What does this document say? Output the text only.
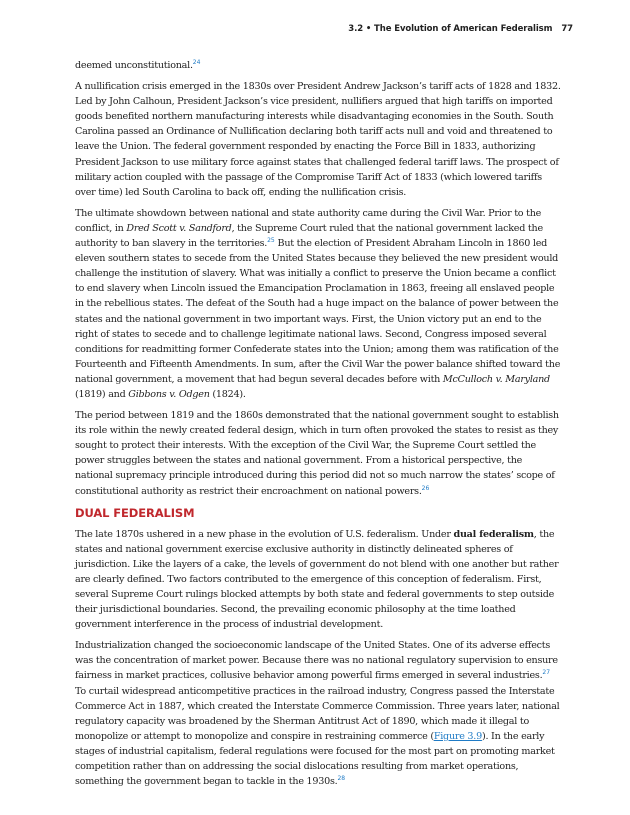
3.2 • The Evolution of American Federalism 77

deemed unconstitutional.$^{24}$

A nullification crisis emerged in the 1830s over President Andrew Jackson’s tariff acts of 1828 and 1832. Led by John Calhoun, President Jackson’s vice president, nullifiers argued that high tariffs on imported goods benefited northern manufacturing interests while disadvantaging economies in the South. South Carolina passed an Ordinance of Nullification declaring both tariff acts null and void and threatened to leave the Union. The federal government responded by enacting the Force Bill in 1833, authorizing President Jackson to use military force against states that challenged federal tariff laws. The prospect of military action coupled with the passage of the Compromise Tariff Act of 1833 (which lowered tariffs over time) led South Carolina to back off, ending the nullification crisis.

The ultimate showdown between national and state authority came during the Civil War. Prior to the conflict, in Dred Scott v. Sandford, the Supreme Court ruled that the national government lacked the authority to ban slavery in the territories.$^{25}$ But the election of President Abraham Lincoln in 1860 led eleven southern states to secede from the United States because they believed the new president would challenge the institution of slavery. What was initially a conflict to preserve the Union became a conflict to end slavery when Lincoln issued the Emancipation Proclamation in 1863, freeing all enslaved people in the rebellious states. The defeat of the South had a huge impact on the balance of power between the states and the national government in two important ways. First, the Union victory put an end to the right of states to secede and to challenge legitimate national laws. Second, Congress imposed several conditions for readmitting former Confederate states into the Union; among them was ratification of the Fourteenth and Fifteenth Amendments. In sum, after the Civil War the power balance shifted toward the national government, a movement that had begun several decades before with McCulloch v. Maryland (1819) and Gibbons v. Odgen (1824).

The period between 1819 and the 1860s demonstrated that the national government sought to establish its role within the newly created federal design, which in turn often provoked the states to resist as they sought to protect their interests. With the exception of the Civil War, the Supreme Court settled the power struggles between the states and national government. From a historical perspective, the national supremacy principle introduced during this period did not so much narrow the states’ scope of constitutional authority as restrict their encroachment on national powers.$^{26}$

DUAL FEDERALISM

The late 1870s ushered in a new phase in the evolution of U.S. federalism. Under dual federalism, the states and national government exercise exclusive authority in distinctly delineated spheres of jurisdiction. Like the layers of a cake, the levels of government do not blend with one another but rather are clearly defined. Two factors contributed to the emergence of this conception of federalism. First, several Supreme Court rulings blocked attempts by both state and federal governments to step outside their jurisdictional boundaries. Second, the prevailing economic philosophy at the time loathed government interference in the process of industrial development.

Industrialization changed the socioeconomic landscape of the United States. One of its adverse effects was the concentration of market power. Because there was no national regulatory supervision to ensure fairness in market practices, collusive behavior among powerful firms emerged in several industries.$^{27}$ To curtail widespread anticompetitive practices in the railroad industry, Congress passed the Interstate Commerce Act in 1887, which created the Interstate Commerce Commission. Three years later, national regulatory capacity was broadened by the Sherman Antitrust Act of 1890, which made it illegal to monopolize or attempt to monopolize and conspire in restraining commerce (Figure 3.9). In the early stages of industrial capitalism, federal regulations were focused for the most part on promoting market competition rather than on addressing the social dislocations resulting from market operations, something the government began to tackle in the 1930s.$^{28}$
